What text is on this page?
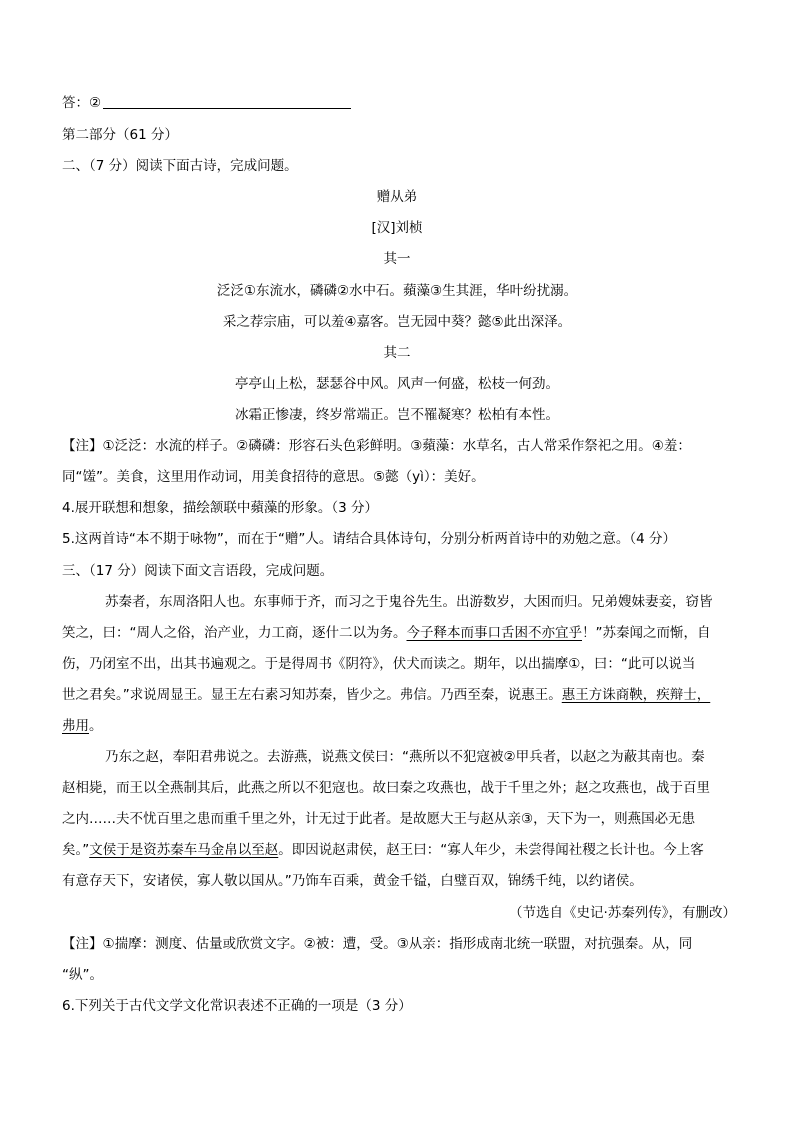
答：②
第二部分（61 分）
二、（7 分）阅读下面古诗，完成问题。
赠从弟
[汉]刘桢
其一
泛泛①东流水，磷磷②水中石。蘋藻③生其涯，华叶纷扰溺。
采之荐宗庙，可以羞④嘉客。岂无园中葵？懿⑤此出深泽。
其二
亭亭山上松，瑟瑟谷中风。风声一何盛，松枝一何劲。
冰霜正惨凄，终岁常端正。岂不罹凝寒？松柏有本性。
【注】①泛泛：水流的样子。②磷磷：形容石头色彩鲜明。③蘋藻：水草名，古人常采作祭祀之用。④羞：
同“馐”。美食，这里用作动词，用美食招待的意思。⑤懿（yì）：美好。
4.展开联想和想象，描绘颔联中蘋藻的形象。（3 分）
5.这两首诗“本不期于咏物”，而在于“赠”人。请结合具体诗句，分别分析两首诗中的劝勉之意。（4 分）
三、（17 分）阅读下面文言语段，完成问题。
苏秦者，东周洛阳人也。东事师于齐，而习之于鬼谷先生。出游数岁，大困而归。兄弟嫂妹妻妾，窃皆
笑之，曰：“周人之俗，治产业，力工商，逐什二以为务。今子释本而事口舌困不亦宜乎！”苏秦闻之而惭，自
伤，乃闭室不出，出其书遍观之。于是得周书《阴符》，伏犬而读之。期年，以出揣摩①，曰：“此可以说当
世之君矣。”求说周显王。显王左右素习知苏秦，皆少之。弗信。乃西至秦，说惠王。惠王方诛商鞅，疾辩士，
弗用。
乃东之赵，奉阳君弗说之。去游燕，说燕文侯曰：“燕所以不犯寇被②甲兵者，以赵之为蔽其南也。秦
赵相毙，而王以全燕制其后，此燕之所以不犯寇也。故曰秦之攻燕也，战于千里之外；赵之攻燕也，战于百里
之内……夫不忧百里之患而重千里之外，计无过于此者。是故愿大王与赵从亲③，天下为一，则燕国必无患
矣。”文侯于是资苏秦车马金帛以至赵。即因说赵肃侯，赵王曰：“寡人年少，未尝得闻社稷之长计也。今上客
有意存天下，安诸侯，寡人敬以国从。”乃饰车百乘，黄金千镒，白璧百双，锦绣千纯，以约诸侯。
（节选自《史记·苏秦列传》，有删改）
【注】①揣摩：测度、估量或欣赏文字。②被：遭，受。③从亲：指形成南北统一联盟，对抗强秦。从，同
“纵”。
6.下列关于古代文学文化常识表述不正确的一项是（3 分）
